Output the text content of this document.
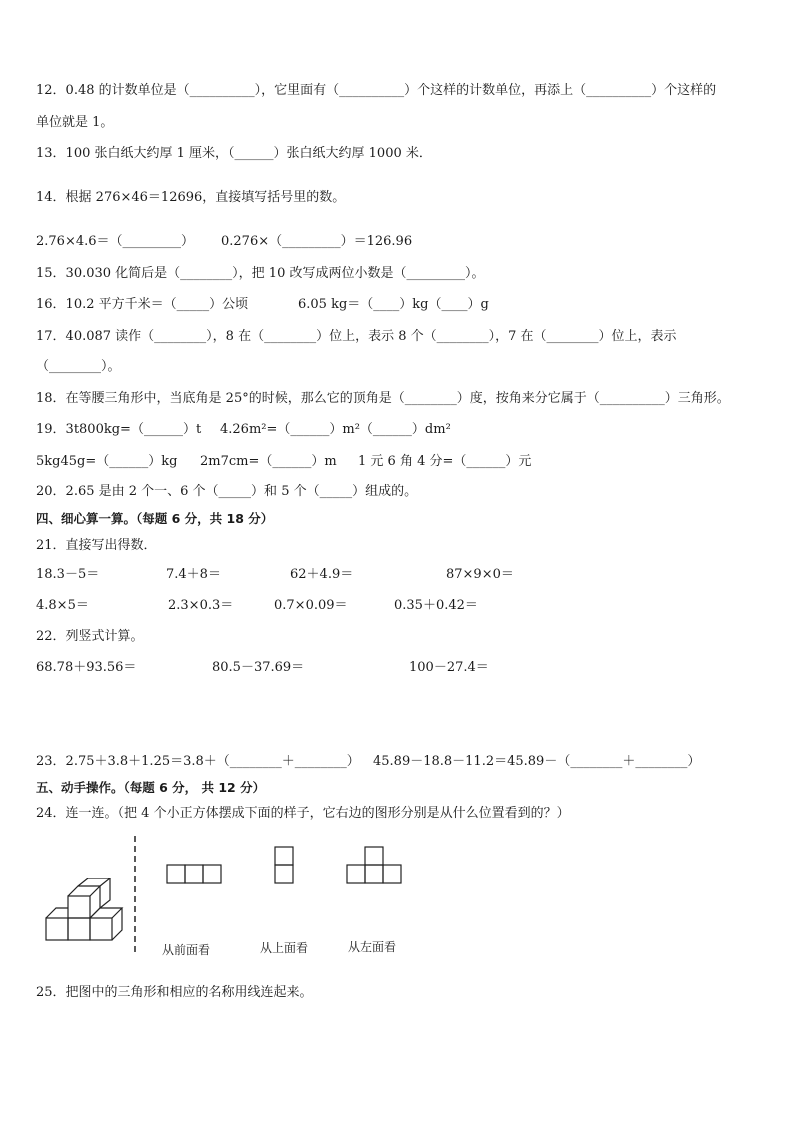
12．0.48 的计数单位是（__________），它里面有（__________）个这样的计数单位，再添上（__________）个这样的
单位就是 1。
13．100 张白纸大约厚 1 厘米，（______）张白纸大约厚 1000 米．
14．根据 276×46＝12696，直接填写括号里的数。
2.76×4.6＝（_________） 0.276×（_________）＝126.96
15．30.030 化简后是（________），把 10 改写成两位小数是（_________）。
16．10.2 平方千米＝（_____）公顷	6.05 kg＝（____）kg（____）g
17．40.087 读作（________），8 在（________）位上，表示 8 个（________），7 在（________）位上，表示
（________）。
18．在等腰三角形中，当底角是 25°的时候，那么它的顶角是（________）度，按角来分它属于（__________）三角形。
19．3t800kg=（______）t 4.26m²=（______）m²（______）dm²
5kg45g=（______）kg 2m7cm=（______）m 1 元 6 角 4 分=（______）元
20．2.65 是由 2 个一、6 个（_____）和 5 个（_____）组成的。
四、细心算一算。（每题 6 分，共 18 分）
21．直接写出得数．
18.3－5＝	7.4＋8＝	62＋4.9＝	87×9×0＝
4.8×5＝	2.3×0.3＝	0.7×0.09＝	0.35＋0.42＝
22．列竖式计算。
68.78＋93.56＝	80.5－37.69＝	100－27.4＝
23．2.75＋3.8＋1.25＝3.8＋（________＋________） 45.89－18.8－11.2＝45.89－（________＋________）
五、动手操作。（每题 6 分， 共 12 分）
24．连一连。（把 4 个小正方体摆成下面的样子，它右边的图形分别是从什么位置看到的？）
从前面看	从上面看	从左面看
25．把图中的三角形和相应的名称用线连起来。
